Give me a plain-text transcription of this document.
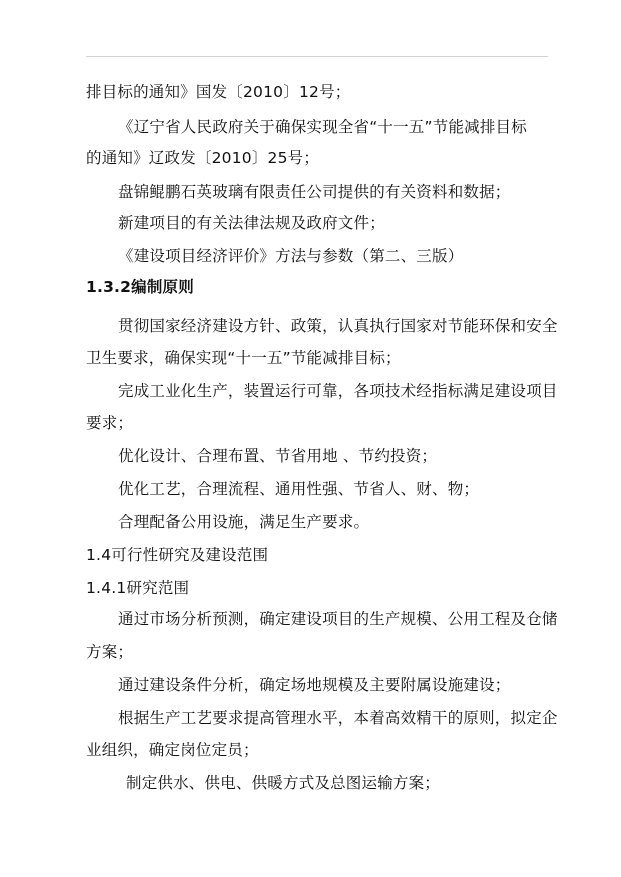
排目标的通知》国发〔2010〕12号；
《辽宁省人民政府关于确保实现全省“十一五”节能减排目标
的通知》辽政发〔2010〕25号；
盘锦鲲鹏石英玻璃有限责任公司提供的有关资料和数据；
新建项目的有关法律法规及政府文件；
《建设项目经济评价》方法与参数（第二、三版）
1.3.2编制原则
贯彻国家经济建设方针、政策，认真执行国家对节能环保和安全
卫生要求，确保实现“十一五”节能减排目标；
完成工业化生产，装置运行可靠，各项技术经指标满足建设项目
要求；
优化设计、合理布置、节省用地 、节约投资；
优化工艺，合理流程、通用性强、节省人、财、物；
合理配备公用设施，满足生产要求。
1.4可行性研究及建设范围
1.4.1研究范围
通过市场分析预测，确定建设项目的生产规模、公用工程及仓储
方案；
通过建设条件分析，确定场地规模及主要附属设施建设；
根据生产工艺要求提高管理水平，本着高效精干的原则，拟定企
业组织，确定岗位定员；
制定供水、供电、供暖方式及总图运输方案；
